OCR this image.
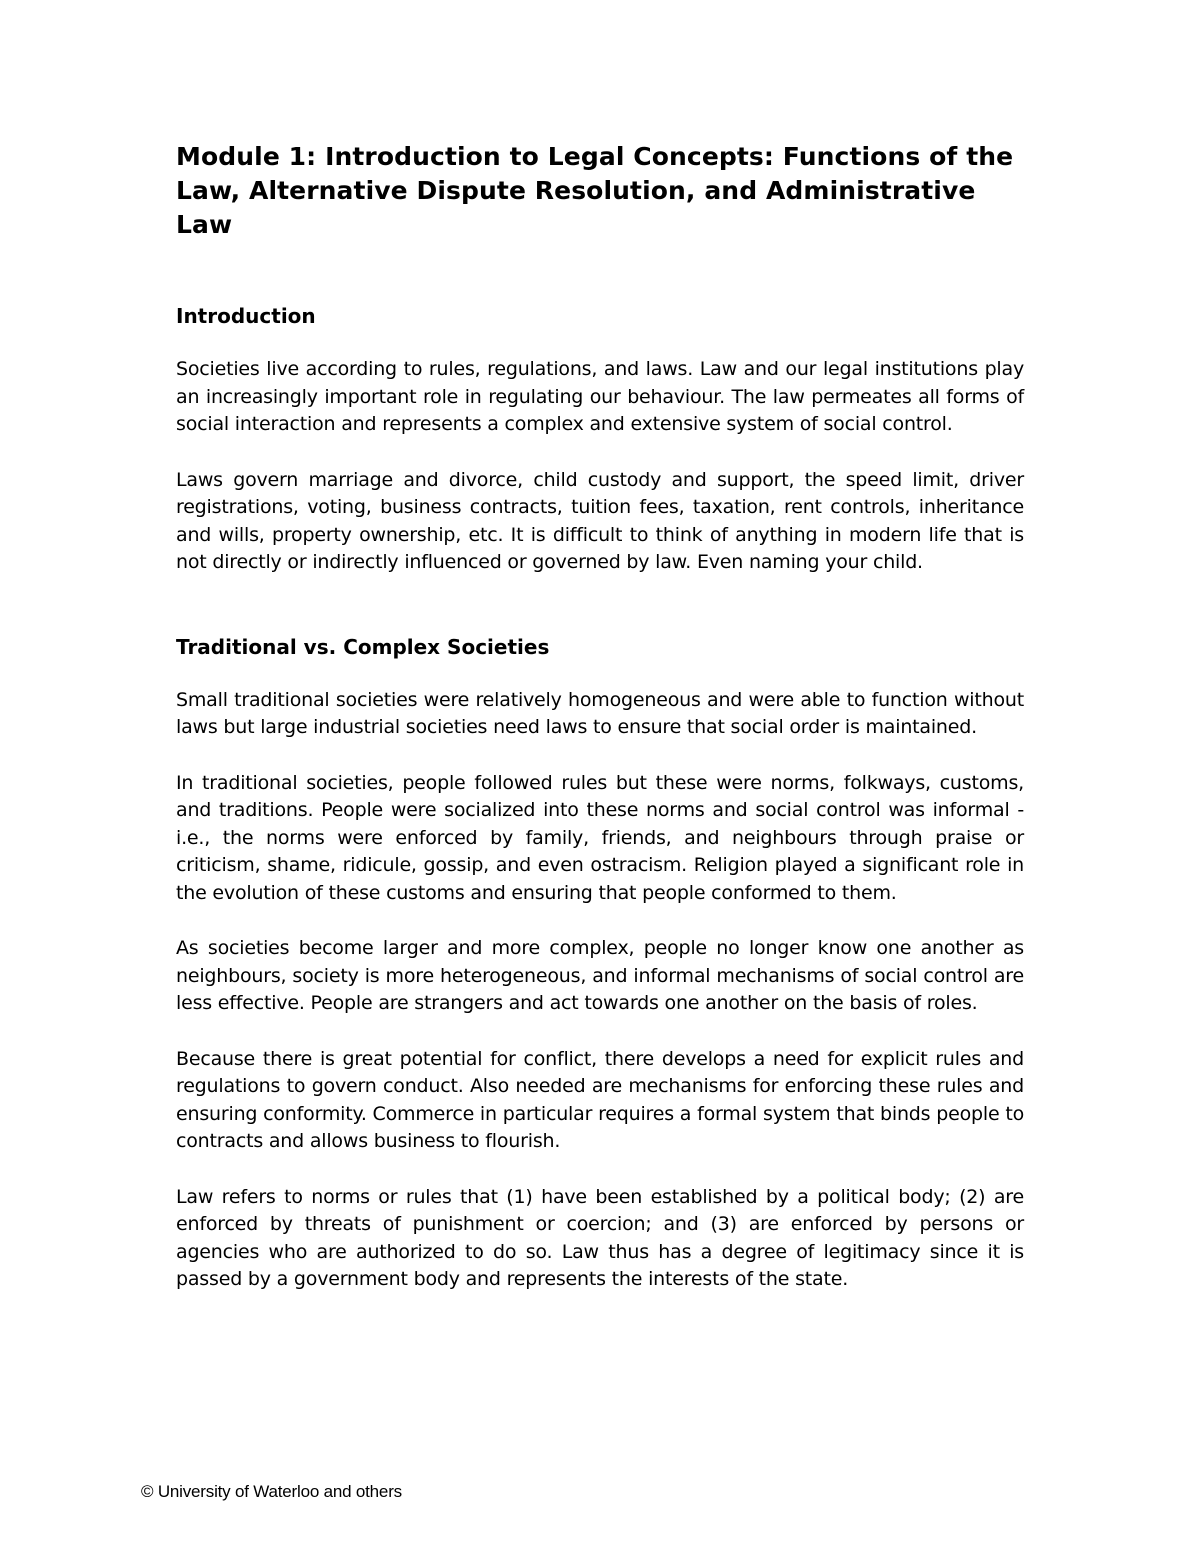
Module 1: Introduction to Legal Concepts: Functions of the Law, Alternative Dispute Resolution, and Administrative Law
Introduction

Societies live according to rules, regulations, and laws. Law and our legal institutions play an increasingly important role in regulating our behaviour. The law permeates all forms of social interaction and represents a complex and extensive system of social control.

Laws govern marriage and divorce, child custody and support, the speed limit, driver registrations, voting, business contracts, tuition fees, taxation, rent controls, inheritance and wills, property ownership, etc. It is difficult to think of anything in modern life that is not directly or indirectly influenced or governed by law. Even naming your child.

Traditional vs. Complex Societies

Small traditional societies were relatively homogeneous and were able to function without laws but large industrial societies need laws to ensure that social order is maintained.

In traditional societies, people followed rules but these were norms, folkways, customs, and traditions. People were socialized into these norms and social control was informal - i.e., the norms were enforced by family, friends, and neighbours through praise or criticism, shame, ridicule, gossip, and even ostracism. Religion played a significant role in the evolution of these customs and ensuring that people conformed to them.

As societies become larger and more complex, people no longer know one another as neighbours, society is more heterogeneous, and informal mechanisms of social control are less effective. People are strangers and act towards one another on the basis of roles.

Because there is great potential for conflict, there develops a need for explicit rules and regulations to govern conduct. Also needed are mechanisms for enforcing these rules and ensuring conformity. Commerce in particular requires a formal system that binds people to contracts and allows business to flourish.

Law refers to norms or rules that (1) have been established by a political body; (2) are enforced by threats of punishment or coercion; and (3) are enforced by persons or agencies who are authorized to do so. Law thus has a degree of legitimacy since it is passed by a government body and represents the interests of the state.

© University of Waterloo and others
